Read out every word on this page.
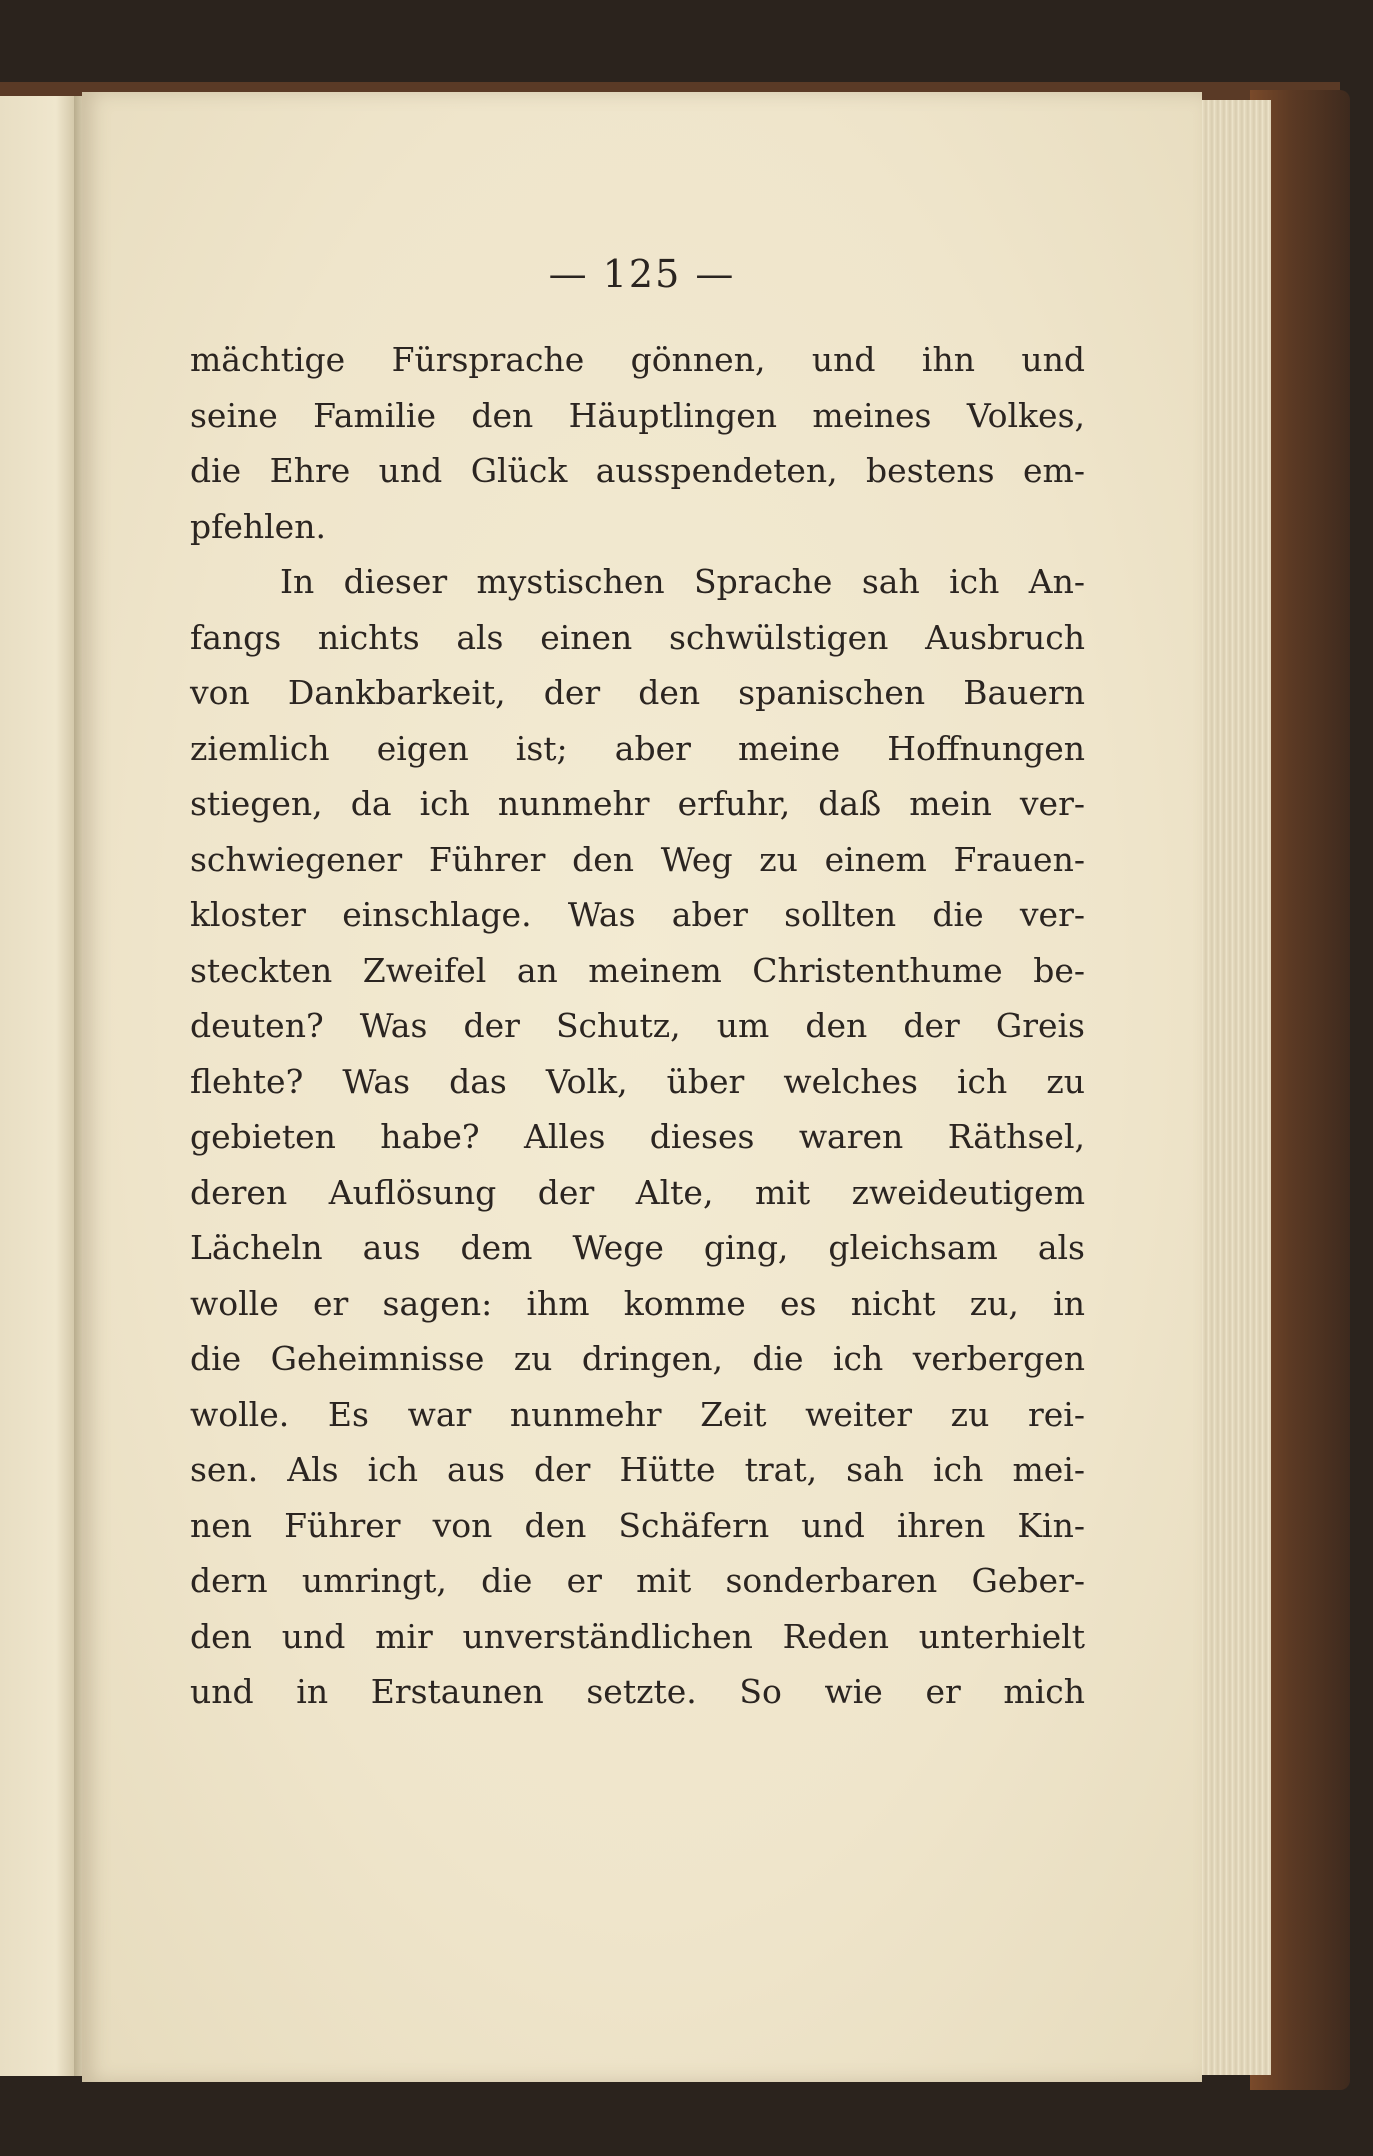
— 125 —
mächtige Fürsprache gönnen, und ihn und
seine Familie den Häuptlingen meines Volkes,
die Ehre und Glück ausspendeten, bestens em-
pfehlen.
In dieser mystischen Sprache sah ich An-
fangs nichts als einen schwülstigen Ausbruch
von Dankbarkeit, der den spanischen Bauern
ziemlich eigen ist; aber meine Hoffnungen
stiegen, da ich nunmehr erfuhr, daß mein ver-
schwiegener Führer den Weg zu einem Frauen-
kloster einschlage. Was aber sollten die ver-
steckten Zweifel an meinem Christenthume be-
deuten? Was der Schutz, um den der Greis
flehte? Was das Volk, über welches ich zu
gebieten habe? Alles dieses waren Räthsel,
deren Auflösung der Alte, mit zweideutigem
Lächeln aus dem Wege ging, gleichsam als
wolle er sagen: ihm komme es nicht zu, in
die Geheimnisse zu dringen, die ich verbergen
wolle. Es war nunmehr Zeit weiter zu rei-
sen. Als ich aus der Hütte trat, sah ich mei-
nen Führer von den Schäfern und ihren Kin-
dern umringt, die er mit sonderbaren Geber-
den und mir unverständlichen Reden unterhielt
und in Erstaunen setzte. So wie er mich
